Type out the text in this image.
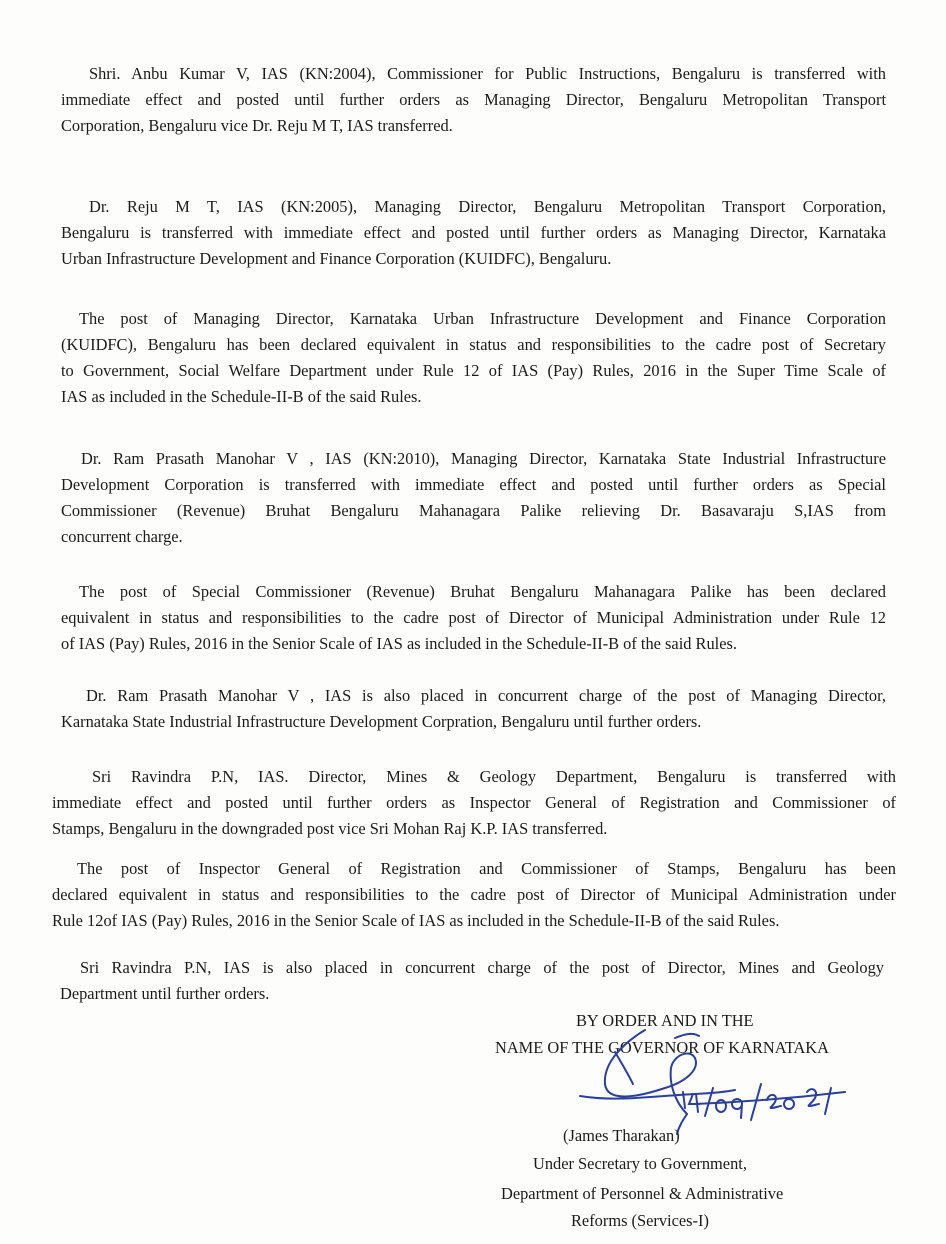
Shri. Anbu Kumar V, IAS (KN:2004), Commissioner for Public Instructions, Bengaluru is transferred with
immediate effect and posted until further orders as Managing Director, Bengaluru Metropolitan Transport
Corporation, Bengaluru vice Dr. Reju M T, IAS transferred.
Dr. Reju M T, IAS (KN:2005), Managing Director, Bengaluru Metropolitan Transport Corporation,
Bengaluru is transferred with immediate effect and posted until further orders as Managing Director, Karnataka
Urban Infrastructure Development and Finance Corporation (KUIDFC), Bengaluru.
The post of Managing Director, Karnataka Urban Infrastructure Development and Finance Corporation
(KUIDFC), Bengaluru has been declared equivalent in status and responsibilities to the cadre post of Secretary
to Government, Social Welfare Department under Rule 12 of IAS (Pay) Rules, 2016 in the Super Time Scale of
IAS as included in the Schedule-II-B of the said Rules.
Dr. Ram Prasath Manohar V , IAS (KN:2010), Managing Director, Karnataka State Industrial Infrastructure
Development Corporation is transferred with immediate effect and posted until further orders as Special
Commissioner (Revenue) Bruhat Bengaluru Mahanagara Palike relieving Dr. Basavaraju S,IAS from
concurrent charge.
The post of Special Commissioner (Revenue) Bruhat Bengaluru Mahanagara Palike has been declared
equivalent in status and responsibilities to the cadre post of Director of Municipal Administration under Rule 12
of IAS (Pay) Rules, 2016 in the Senior Scale of IAS as included in the Schedule-II-B of the said Rules.
Dr. Ram Prasath Manohar V , IAS is also placed in concurrent charge of the post of Managing Director,
Karnataka State Industrial Infrastructure Development Corpration, Bengaluru until further orders.
Sri Ravindra P.N, IAS. Director, Mines & Geology Department, Bengaluru is transferred with
immediate effect and posted until further orders as Inspector General of Registration and Commissioner of
Stamps, Bengaluru in the downgraded post vice Sri Mohan Raj K.P. IAS transferred.
The post of Inspector General of Registration and Commissioner of Stamps, Bengaluru has been
declared equivalent in status and responsibilities to the cadre post of Director of Municipal Administration under
Rule 12of IAS (Pay) Rules, 2016 in the Senior Scale of IAS as included in the Schedule-II-B of the said Rules.
Sri Ravindra P.N, IAS is also placed in concurrent charge of the post of Director, Mines and Geology
Department until further orders.
BY ORDER AND IN THE
NAME OF THE GOVERNOR OF KARNATAKA
(James Tharakan)
Under Secretary to Government,
Department of Personnel & Administrative
Reforms (Services-I)
